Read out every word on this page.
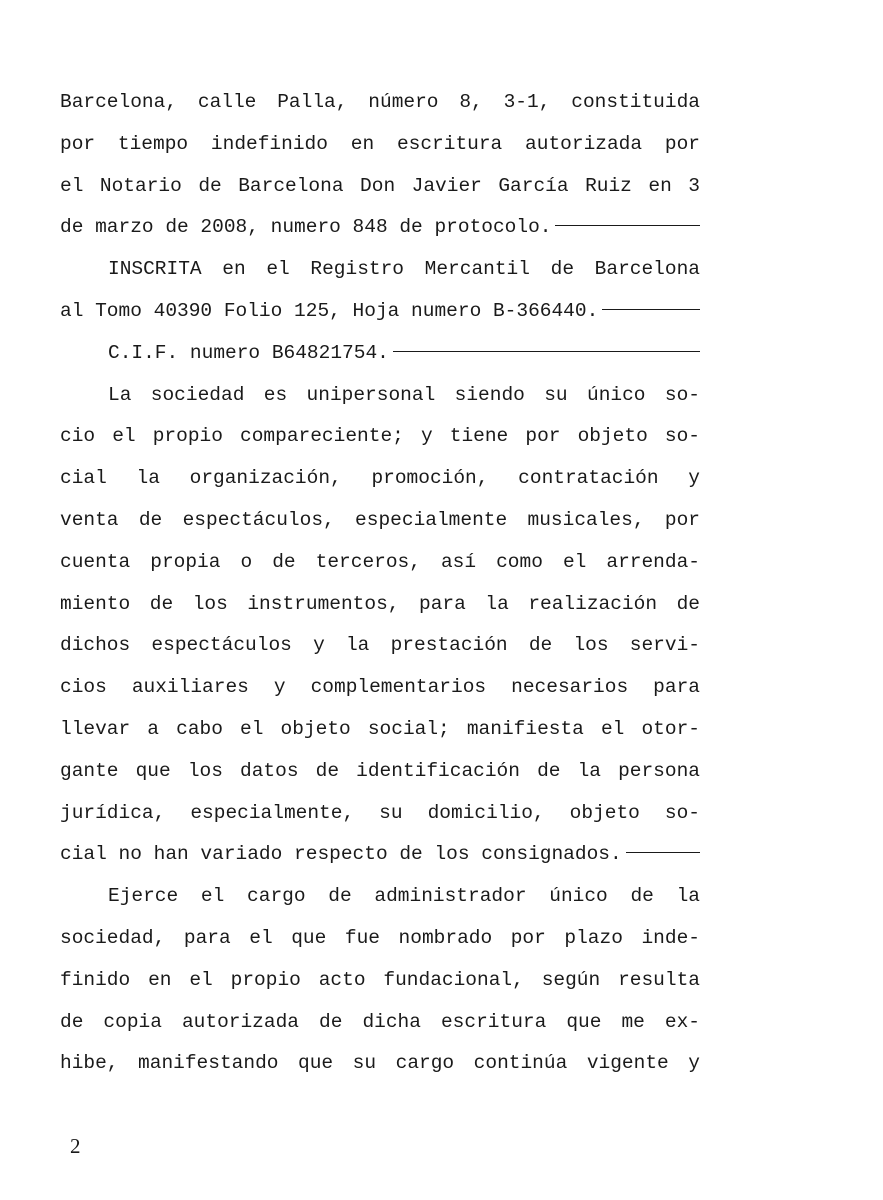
Barcelona, calle Palla, número 8, 3-1, constituida
por tiempo indefinido en escritura autorizada por
el Notario de Barcelona Don Javier García Ruiz en 3
de marzo de 2008, numero 848 de protocolo.
INSCRITA en el Registro Mercantil de Barcelona
al Tomo 40390 Folio 125, Hoja numero B-366440.
C.I.F. numero B64821754.
La sociedad es unipersonal siendo su único so-
cio el propio compareciente; y tiene por objeto so-
cial la organización, promoción, contratación y
venta de espectáculos, especialmente musicales, por
cuenta propia o de terceros, así como el arrenda-
miento de los instrumentos, para la realización de
dichos espectáculos y la prestación de los servi-
cios auxiliares y complementarios necesarios para
llevar a cabo el objeto social; manifiesta el otor-
gante que los datos de identificación de la persona
jurídica, especialmente, su domicilio, objeto so-
cial no han variado respecto de los consignados.
Ejerce el cargo de administrador único de la
sociedad, para el que fue nombrado por plazo inde-
finido en el propio acto fundacional, según resulta
de copia autorizada de dicha escritura que me ex-
hibe, manifestando que su cargo continúa vigente y
2
